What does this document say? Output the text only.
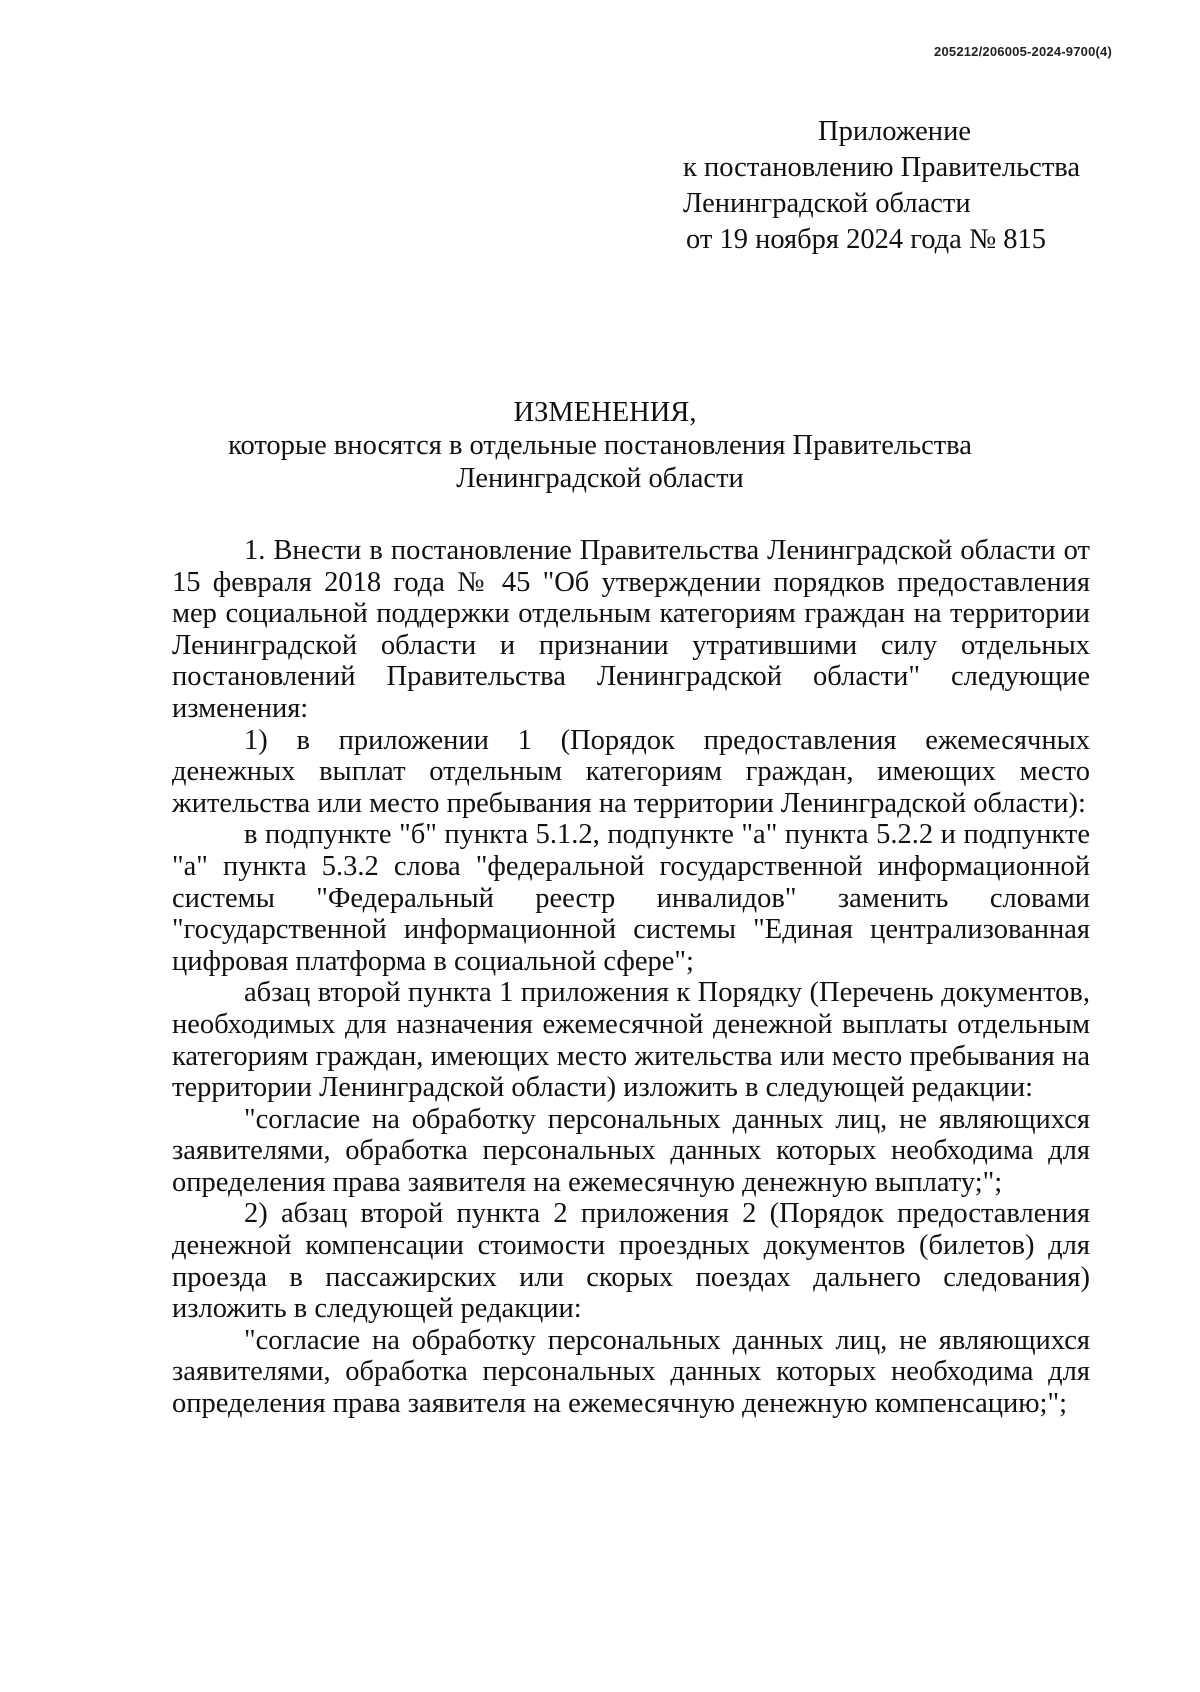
205212/206005-2024-9700(4)
Приложение
к постановлению Правительства
Ленинградской области
от 19 ноября 2024 года № 815
ИЗМЕНЕНИЯ,
которые вносятся в отдельные постановления Правительства
Ленинградской области

1. Внести в постановление Правительства Ленинградской области от 15 февраля 2018 года № 45 "Об утверждении порядков предоставления мер социальной поддержки отдельным категориям граждан на территории Ленинградской области и признании утратившими силу отдельных постановлений Правительства Ленинградской области" следующие изменения:

1) в приложении 1 (Порядок предоставления ежемесячных денежных выплат отдельным категориям граждан, имеющих место жительства или место пребывания на территории Ленинградской области):

в подпункте "б" пункта 5.1.2, подпункте "а" пункта 5.2.2 и подпункте "а" пункта 5.3.2 слова "федеральной государственной информационной системы "Федеральный реестр инвалидов" заменить словами "государственной информационной системы "Единая централизованная цифровая платформа в социальной сфере";

абзац второй пункта 1 приложения к Порядку (Перечень документов, необходимых для назначения ежемесячной денежной выплаты отдельным категориям граждан, имеющих место жительства или место пребывания на территории Ленинградской области) изложить в следующей редакции:

"согласие на обработку персональных данных лиц, не являющихся заявителями, обработка персональных данных которых необходима для определения права заявителя на ежемесячную денежную выплату;";

2) абзац второй пункта 2 приложения 2 (Порядок предоставления денежной компенсации стоимости проездных документов (билетов) для проезда в пассажирских или скорых поездах дальнего следования) изложить в следующей редакции:

"согласие на обработку персональных данных лиц, не являющихся заявителями, обработка персональных данных которых необходима для определения права заявителя на ежемесячную денежную компенсацию;";
